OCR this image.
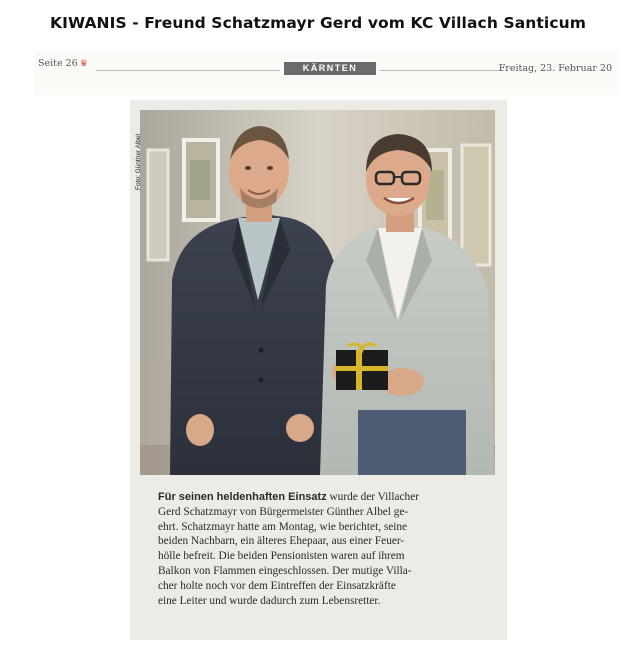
KIWANIS - Freund Schatzmayr Gerd vom KC Villach Santicum
Seite 26 ♛	KÄRNTEN	Freitag, 23. Februar 20
Foto: Günther Albel
Für seinen heldenhaften Einsatz wurde der Villacher
Gerd Schatzmayr von Bürgermeister Günther Albel ge-
ehrt. Schatzmayr hatte am Montag, wie berichtet, seine
beiden Nachbarn, ein älteres Ehepaar, aus einer Feuer-
hölle befreit. Die beiden Pensionisten waren auf ihrem
Balkon von Flammen eingeschlossen. Der mutige Villa-
cher holte noch vor dem Eintreffen der Einsatzkräfte
eine Leiter und wurde dadurch zum Lebensretter.
